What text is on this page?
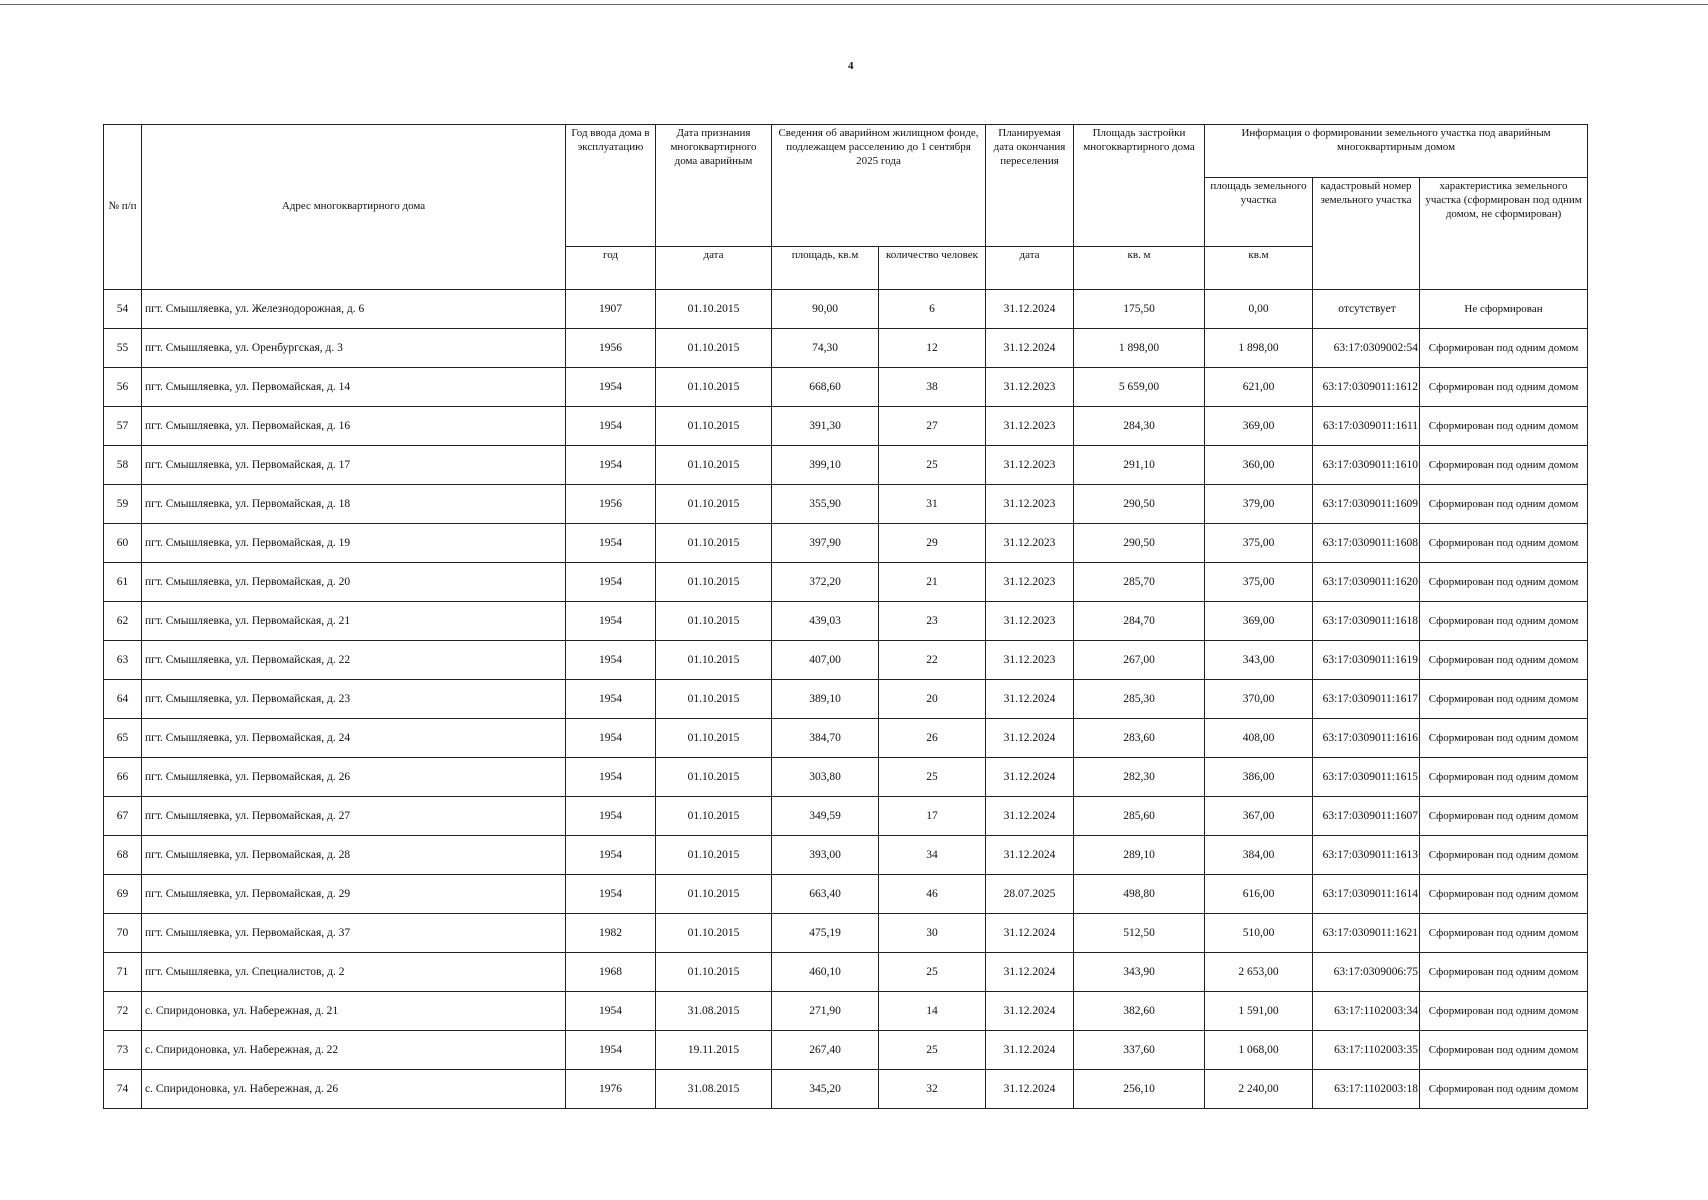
4
№ п/п	Адрес многоквартирного дома	Год ввода дома в эксплуатацию	Дата признания многоквартирного дома аварийным	Сведения об аварийном жилищном фонде, подлежащем расселению до 1 сентября 2025 года		Планируемая дата окончания переселения	Площадь застройки многоквартирного дома	Информация о формировании земельного участка под аварийным многоквартирным домом		
								площадь земельного участка	кадастровый номер земельного участка	характеристика земельного участка (сформирован под одним домом, не сформирован)
		год	дата	площадь, кв.м	количество человек	дата	кв. м	кв.м		
54	пгт. Смышляевка, ул. Железнодорожная, д. 6	1907	01.10.2015	90,00	6	31.12.2024	175,50	0,00	отсутствует	Не сформирован
55	пгт. Смышляевка, ул. Оренбургская, д. 3	1956	01.10.2015	74,30	12	31.12.2024	1 898,00	1 898,00	63:17:0309002:54	Сформирован под одним домом
56	пгт. Смышляевка, ул. Первомайская, д. 14	1954	01.10.2015	668,60	38	31.12.2023	5 659,00	621,00	63:17:0309011:1612	Сформирован под одним домом
57	пгт. Смышляевка, ул. Первомайская, д. 16	1954	01.10.2015	391,30	27	31.12.2023	284,30	369,00	63:17:0309011:1611	Сформирован под одним домом
58	пгт. Смышляевка, ул. Первомайская, д. 17	1954	01.10.2015	399,10	25	31.12.2023	291,10	360,00	63:17:0309011:1610	Сформирован под одним домом
59	пгт. Смышляевка, ул. Первомайская, д. 18	1956	01.10.2015	355,90	31	31.12.2023	290,50	379,00	63:17:0309011:1609	Сформирован под одним домом
60	пгт. Смышляевка, ул. Первомайская, д. 19	1954	01.10.2015	397,90	29	31.12.2023	290,50	375,00	63:17:0309011:1608	Сформирован под одним домом
61	пгт. Смышляевка, ул. Первомайская, д. 20	1954	01.10.2015	372,20	21	31.12.2023	285,70	375,00	63:17:0309011:1620	Сформирован под одним домом
62	пгт. Смышляевка, ул. Первомайская, д. 21	1954	01.10.2015	439,03	23	31.12.2023	284,70	369,00	63:17:0309011:1618	Сформирован под одним домом
63	пгт. Смышляевка, ул. Первомайская, д. 22	1954	01.10.2015	407,00	22	31.12.2023	267,00	343,00	63:17:0309011:1619	Сформирован под одним домом
64	пгт. Смышляевка, ул. Первомайская, д. 23	1954	01.10.2015	389,10	20	31.12.2024	285,30	370,00	63:17:0309011:1617	Сформирован под одним домом
65	пгт. Смышляевка, ул. Первомайская, д. 24	1954	01.10.2015	384,70	26	31.12.2024	283,60	408,00	63:17:0309011:1616	Сформирован под одним домом
66	пгт. Смышляевка, ул. Первомайская, д. 26	1954	01.10.2015	303,80	25	31.12.2024	282,30	386,00	63:17:0309011:1615	Сформирован под одним домом
67	пгт. Смышляевка, ул. Первомайская, д. 27	1954	01.10.2015	349,59	17	31.12.2024	285,60	367,00	63:17:0309011:1607	Сформирован под одним домом
68	пгт. Смышляевка, ул. Первомайская, д. 28	1954	01.10.2015	393,00	34	31.12.2024	289,10	384,00	63:17:0309011:1613	Сформирован под одним домом
69	пгт. Смышляевка, ул. Первомайская, д. 29	1954	01.10.2015	663,40	46	28.07.2025	498,80	616,00	63:17:0309011:1614	Сформирован под одним домом
70	пгт. Смышляевка, ул. Первомайская, д. 37	1982	01.10.2015	475,19	30	31.12.2024	512,50	510,00	63:17:0309011:1621	Сформирован под одним домом
71	пгт. Смышляевка, ул. Специалистов, д. 2	1968	01.10.2015	460,10	25	31.12.2024	343,90	2 653,00	63:17:0309006:75	Сформирован под одним домом
72	с. Спиридоновка, ул. Набережная, д. 21	1954	31.08.2015	271,90	14	31.12.2024	382,60	1 591,00	63:17:1102003:34	Сформирован под одним домом
73	с. Спиридоновка, ул. Набережная, д. 22	1954	19.11.2015	267,40	25	31.12.2024	337,60	1 068,00	63:17:1102003:35	Сформирован под одним домом
74	с. Спиридоновка, ул. Набережная, д. 26	1976	31.08.2015	345,20	32	31.12.2024	256,10	2 240,00	63:17:1102003:18	Сформирован под одним домом
